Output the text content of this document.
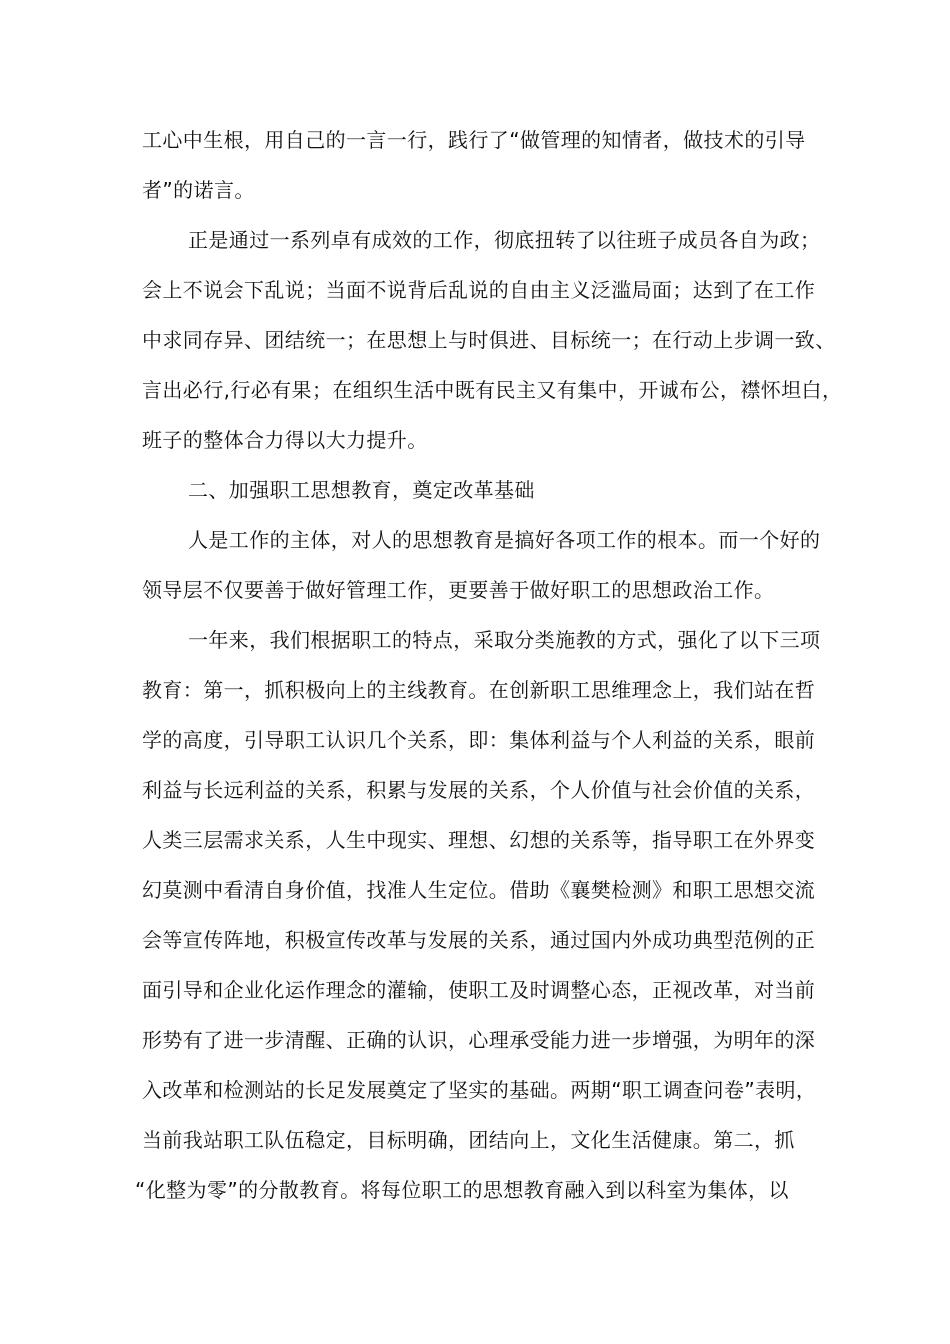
工心中生根，用自己的一言一行，践行了“做管理的知情者，做技术的引导
者”的诺言。
正是通过一系列卓有成效的工作，彻底扭转了以往班子成员各自为政；
会上不说会下乱说；当面不说背后乱说的自由主义泛滥局面；达到了在工作
中求同存异、团结统一；在思想上与时俱进、目标统一；在行动上步调一致、
言出必行,行必有果；在组织生活中既有民主又有集中，开诚布公，襟怀坦白，
班子的整体合力得以大力提升。
二、加强职工思想教育，奠定改革基础
人是工作的主体，对人的思想教育是搞好各项工作的根本。而一个好的
领导层不仅要善于做好管理工作，更要善于做好职工的思想政治工作。
一年来，我们根据职工的特点，采取分类施教的方式，强化了以下三项
教育：第一，抓积极向上的主线教育。在创新职工思维理念上，我们站在哲
学的高度，引导职工认识几个关系，即：集体利益与个人利益的关系，眼前
利益与长远利益的关系，积累与发展的关系，个人价值与社会价值的关系，
人类三层需求关系，人生中现实、理想、幻想的关系等，指导职工在外界变
幻莫测中看清自身价值，找准人生定位。借助《襄樊检测》和职工思想交流
会等宣传阵地，积极宣传改革与发展的关系，通过国内外成功典型范例的正
面引导和企业化运作理念的灌输，使职工及时调整心态，正视改革，对当前
形势有了进一步清醒、正确的认识，心理承受能力进一步增强，为明年的深
入改革和检测站的长足发展奠定了坚实的基础。两期“职工调查问卷”表明，
当前我站职工队伍稳定，目标明确，团结向上，文化生活健康。第二，抓
“化整为零”的分散教育。将每位职工的思想教育融入到以科室为集体，以
